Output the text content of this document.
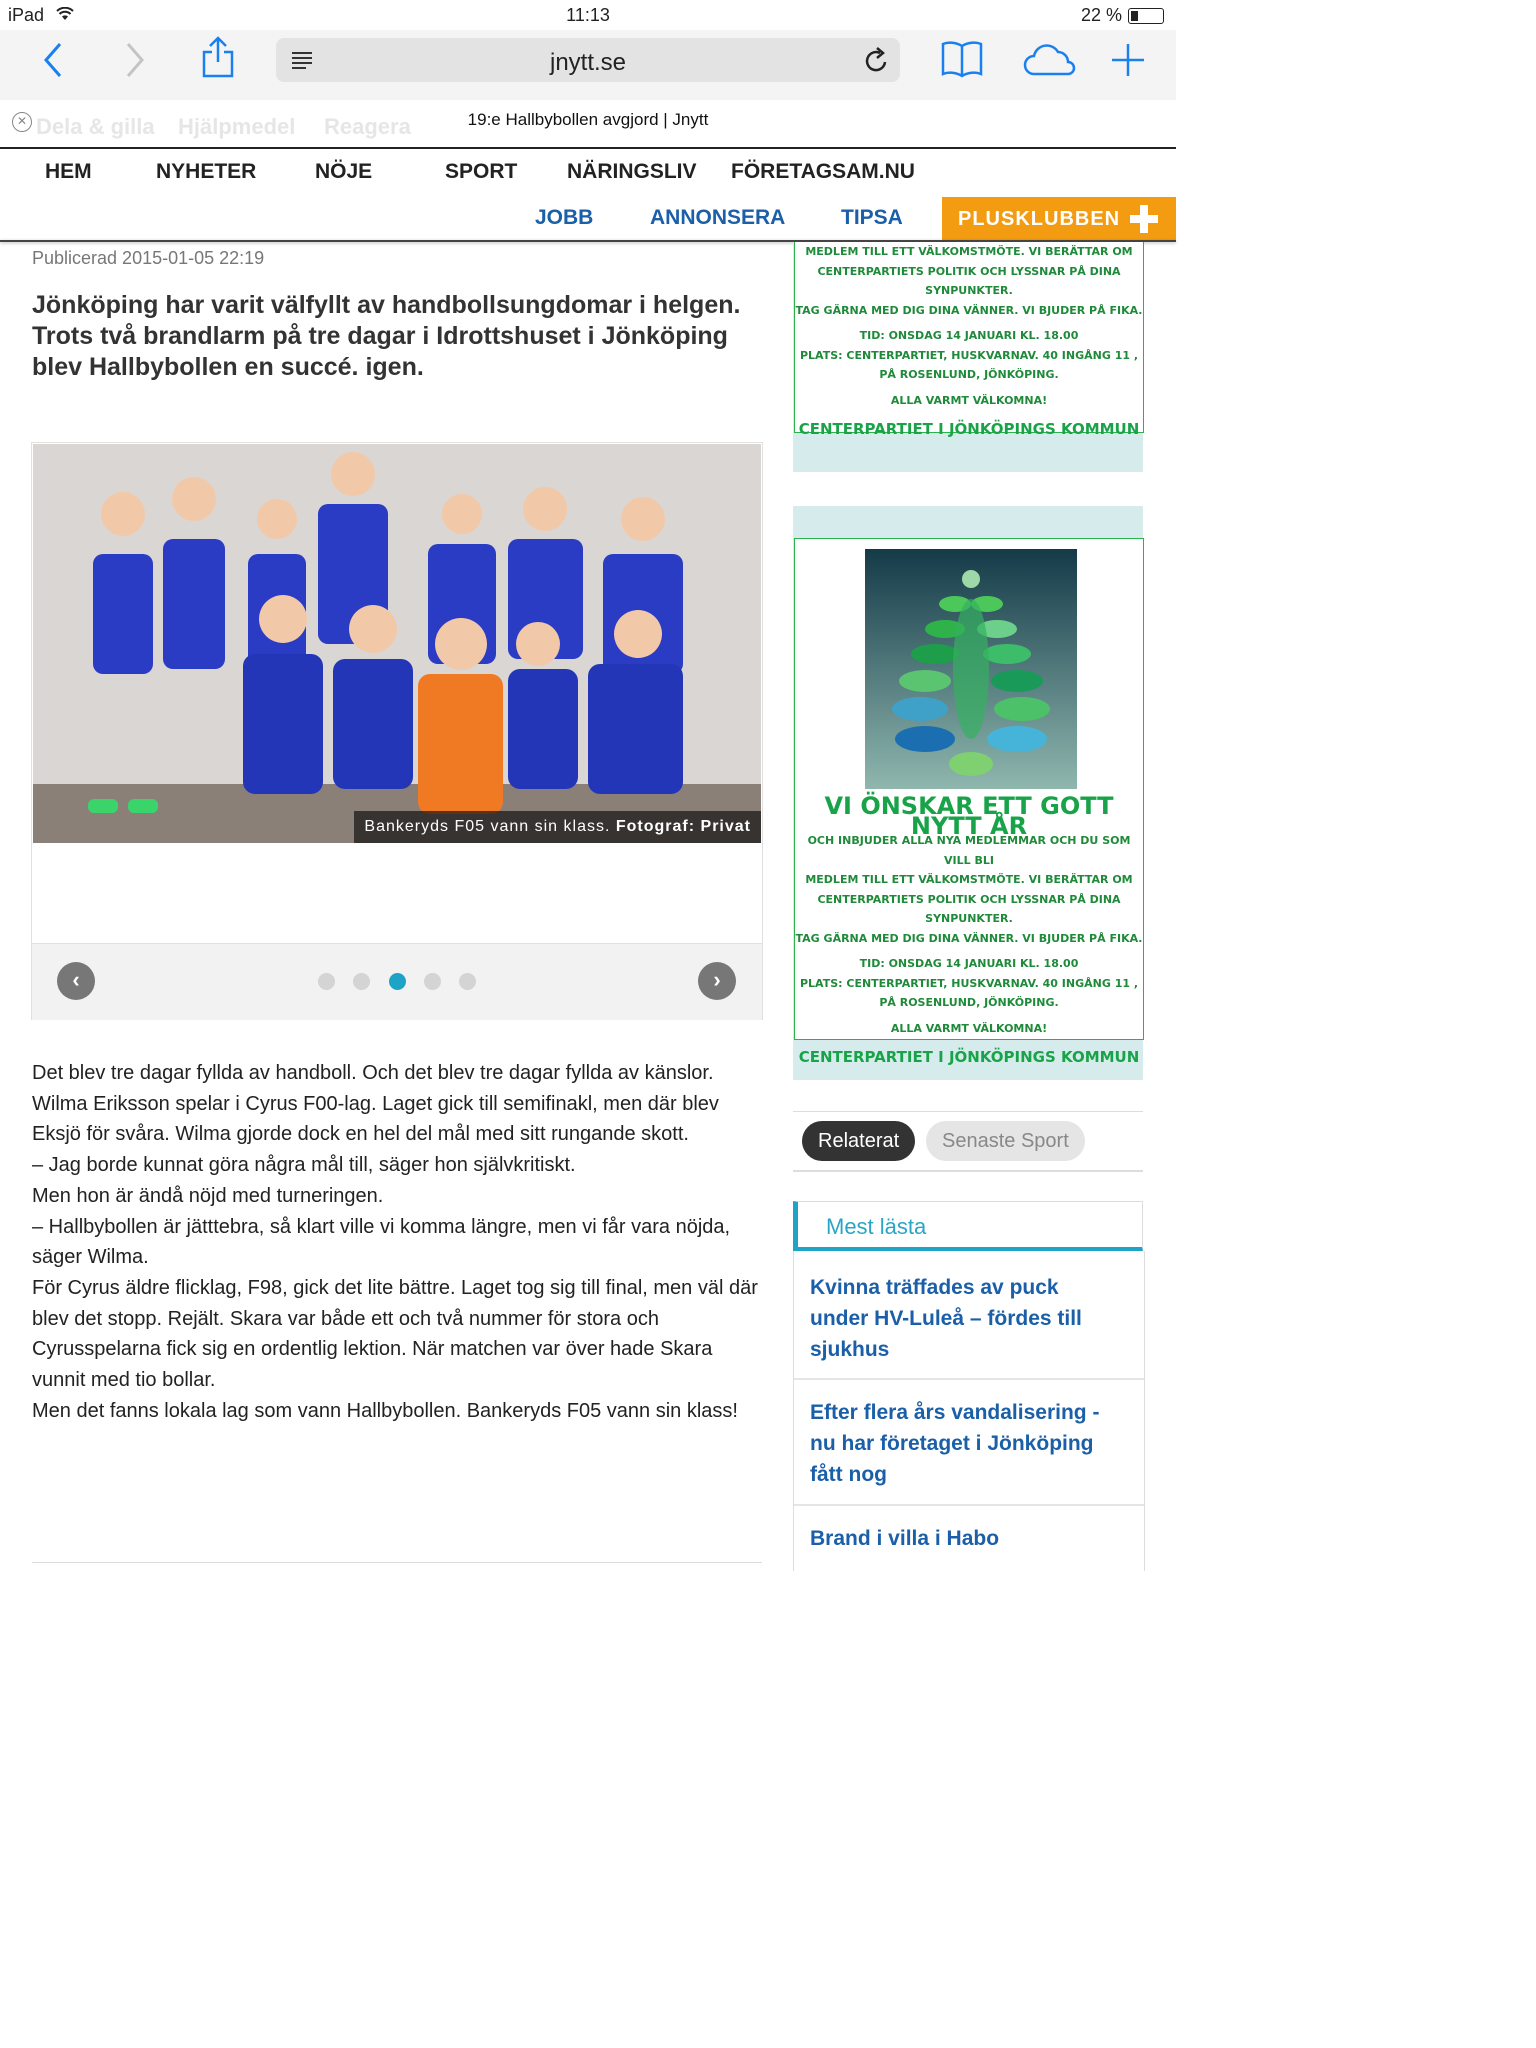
iPad	11:13	22 %
jnytt.se
✕ Dela & gilla Hjälpmedel Reagera	19:e Hallbybollen avgjord | Jnytt
HEM	NYHETER	NÖJE	SPORT NÄRINGSLIV FÖRETAGSAM.NU
JOBB	ANNONSERA	TIPSA	PLUSKLUBBEN
Publicerad 2015-01-05 22:19
Jönköping har varit välfyllt av handbollsungdomar i helgen.
Trots två brandlarm på tre dagar i Idrottshuset i Jönköping blev Hallbybollen en succé. igen.
Bankeryds F05 vann sin klass. Fotograf: Privat
‹	›

Det blev tre dagar fyllda av handboll. Och det blev tre dagar fyllda av känslor.

Wilma Eriksson spelar i Cyrus F00-lag. Laget gick till semifinakl, men där blev Eksjö för svåra. Wilma gjorde dock en hel del mål med sitt rungande skott.

– Jag borde kunnat göra några mål till, säger hon självkritiskt.

Men hon är ändå nöjd med turneringen.

– Hallbybollen är jätttebra, så klart ville vi komma längre, men vi får vara nöjda, säger Wilma.

För Cyrus äldre flicklag, F98, gick det lite bättre. Laget tog sig till final, men väl där blev det stopp. Rejält. Skara var både ett och två nummer för stora och Cyrusspelarna fick sig en ordentlig lektion. När matchen var över hade Skara vunnit med tio bollar.

Men det fanns lokala lag som vann Hallbybollen. Bankeryds F05 vann sin klass!

MEDLEM TILL ETT VÄLKOMSTMÖTE. VI BERÄTTAR OM
CENTERPARTIETS POLITIK OCH LYSSNAR PÅ DINA SYNPUNKTER.
TAG GÄRNA MED DIG DINA VÄNNER. VI BJUDER PÅ FIKA.
TID: ONSDAG 14 JANUARI KL. 18.00
PLATS: CENTERPARTIET, HUSKVARNAV. 40 INGÅNG 11 ,
PÅ ROSENLUND, JÖNKÖPING.
ALLA VARMT VÄLKOMNA!
CENTERPARTIET I JÖNKÖPINGS KOMMUN
VI ÖNSKAR ETT GOTT NYTT ÅR
OCH INBJUDER ALLA NYA MEDLEMMAR OCH DU SOM VILL BLI
MEDLEM TILL ETT VÄLKOMSTMÖTE. VI BERÄTTAR OM
CENTERPARTIETS POLITIK OCH LYSSNAR PÅ DINA SYNPUNKTER.
TAG GÄRNA MED DIG DINA VÄNNER. VI BJUDER PÅ FIKA.
TID: ONSDAG 14 JANUARI KL. 18.00
PLATS: CENTERPARTIET, HUSKVARNAV. 40 INGÅNG 11 ,
PÅ ROSENLUND, JÖNKÖPING.
ALLA VARMT VÄLKOMNA!
CENTERPARTIET I JÖNKÖPINGS KOMMUN
Relaterat	Senaste Sport
Mest lästa
Kvinna träffades av puck under HV-Luleå – fördes till sjukhus
Efter flera års vandalisering - nu har företaget i Jönköping fått nog
Brand i villa i Habo
